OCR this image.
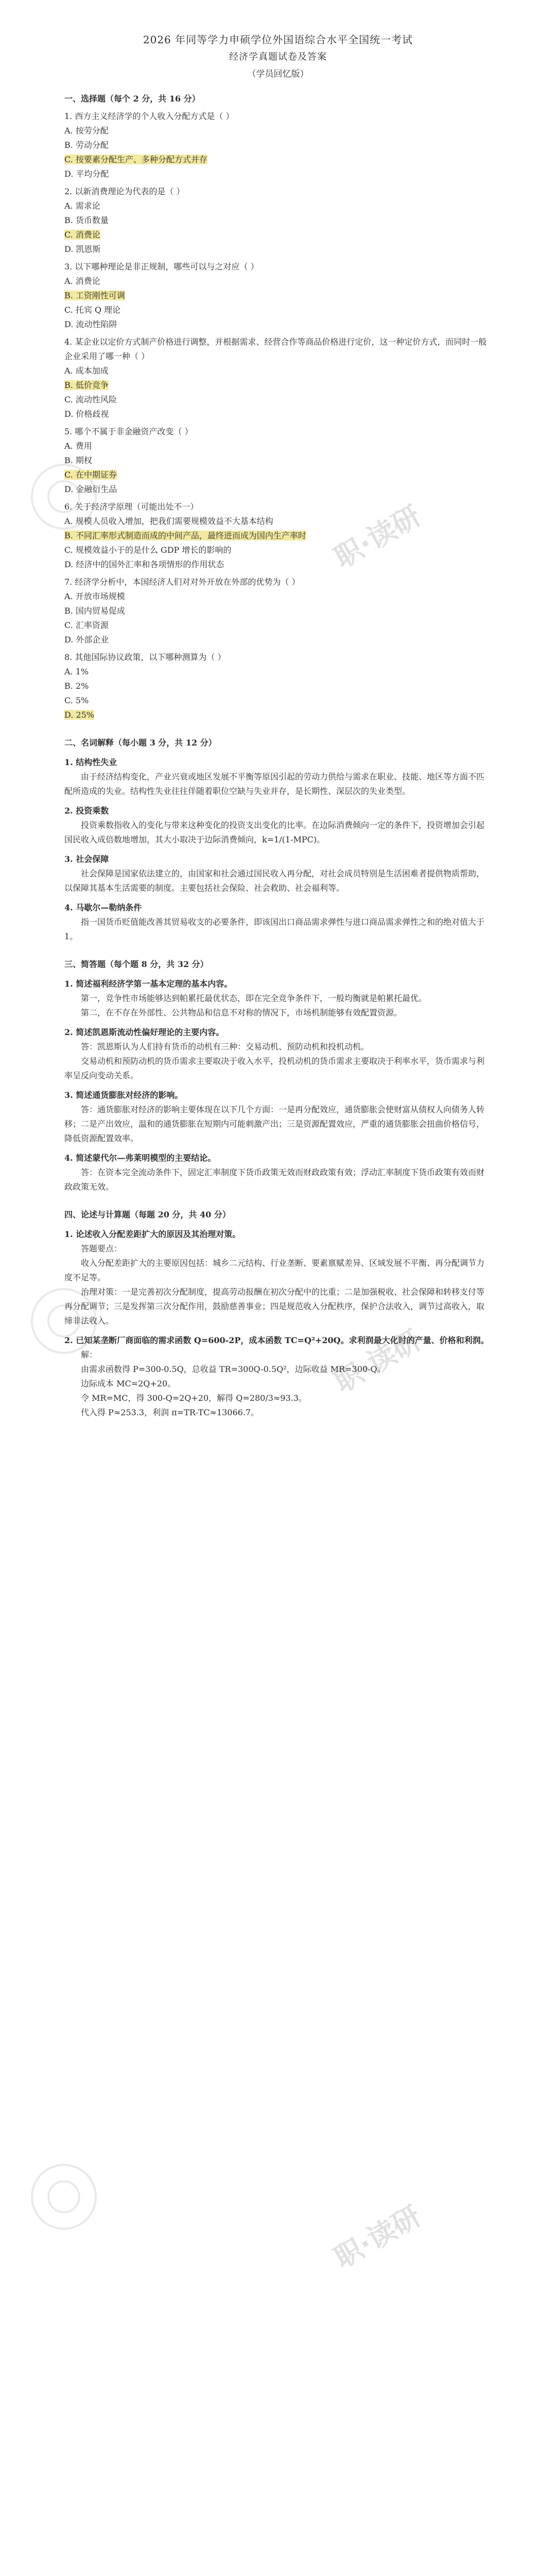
职·读研
职·读研
职·读研
2026 年同等学力申硕学位外国语综合水平全国统一考试
经济学真题试卷及答案
（学员回忆版）
一、选择题（每个 2 分，共 16 分）
1. 西方主义经济学的个人收入分配方式是（ ）
A. 按劳分配
B. 劳动分配
C. 按要素分配生产、多种分配方式并存
D. 平均分配
2. 以新消费理论为代表的是（ ）
A. 需求论
B. 货币数量
C. 消费论
D. 凯恩斯
3. 以下哪种理论是非正规制，哪些可以与之对应（ ）
A. 消费论
B. 工资刚性可调
C. 托宾 Q 理论
D. 流动性陷阱
4. 某企业以定价方式制产价格进行调整，并根据需求、经营合作等商品价格进行定价，这一种定价方式，而同时一般企业采用了哪一种（ ）
A. 成本加成
B. 低价竞争
C. 流动性风险
D. 价格歧视
5. 哪个不属于非金融资产改变（ ）
A. 费用
B. 期权
C. 在中期证券
D. 金融衍生品
6. 关于经济学原理（可能出处不一）
A. 规模人员收入增加，把我们需要规模效益不大基本结构
B. 不同汇率形式制造而成的中间产品，最终进而成为国内生产率时
C. 规模效益小于的是什么 GDP 增长的影响的
D. 经济中的国外汇率和各项情形的作用状态
7. 经济学分析中，本国经济人们对对外开放在外部的优势为（ ）
A. 开放市场规模
B. 国内贸易促成
C. 汇率资源
D. 外部企业
8. 其他国际协议政策，以下哪种测算为（ ）
A. 1%
B. 2%
C. 5%
D. 25%
二、名词解释（每小题 3 分，共 12 分）
1. 结构性失业
由于经济结构变化，产业兴衰或地区发展不平衡等原因引起的劳动力供给与需求在职业、技能、地区等方面不匹配所造成的失业。结构性失业往往伴随着职位空缺与失业并存，是长期性、深层次的失业类型。
2. 投资乘数
投资乘数指收入的变化与带来这种变化的投资支出变化的比率。在边际消费倾向一定的条件下，投资增加会引起国民收入成倍数地增加，其大小取决于边际消费倾向，k=1/(1-MPC)。
3. 社会保障
社会保障是国家依法建立的，由国家和社会通过国民收入再分配，对社会成员特别是生活困难者提供物质帮助，以保障其基本生活需要的制度。主要包括社会保险、社会救助、社会福利等。
4. 马歇尔—勒纳条件
指一国货币贬值能改善其贸易收支的必要条件，即该国出口商品需求弹性与进口商品需求弹性之和的绝对值大于 1。
三、简答题（每个题 8 分，共 32 分）
1. 简述福利经济学第一基本定理的基本内容。
第一，竞争性市场能够达到帕累托最优状态，即在完全竞争条件下，一般均衡就是帕累托最优。
第二，在不存在外部性、公共物品和信息不对称的情况下，市场机制能够有效配置资源。
2. 简述凯恩斯流动性偏好理论的主要内容。
答：凯恩斯认为人们持有货币的动机有三种：交易动机、预防动机和投机动机。
交易动机和预防动机的货币需求主要取决于收入水平，投机动机的货币需求主要取决于利率水平，货币需求与利率呈反向变动关系。
3. 简述通货膨胀对经济的影响。
答：通货膨胀对经济的影响主要体现在以下几个方面：一是再分配效应，通货膨胀会使财富从债权人向债务人转移；二是产出效应，温和的通货膨胀在短期内可能刺激产出；三是资源配置效应，严重的通货膨胀会扭曲价格信号，降低资源配置效率。
4. 简述蒙代尔—弗莱明模型的主要结论。
答：在资本完全流动条件下，固定汇率制度下货币政策无效而财政政策有效；浮动汇率制度下货币政策有效而财政政策无效。
四、论述与计算题（每题 20 分，共 40 分）
1. 论述收入分配差距扩大的原因及其治理对策。
答题要点：
收入分配差距扩大的主要原因包括：城乡二元结构、行业垄断、要素禀赋差异、区域发展不平衡、再分配调节力度不足等。
治理对策：一是完善初次分配制度，提高劳动报酬在初次分配中的比重；二是加强税收、社会保障和转移支付等再分配调节；三是发挥第三次分配作用，鼓励慈善事业；四是规范收入分配秩序，保护合法收入，调节过高收入，取缔非法收入。
2. 已知某垄断厂商面临的需求函数 Q=600-2P，成本函数 TC=Q²+20Q。求利润最大化时的产量、价格和利润。
解：
由需求函数得 P=300-0.5Q，总收益 TR=300Q-0.5Q²，边际收益 MR=300-Q。
边际成本 MC=2Q+20。
令 MR=MC，得 300-Q=2Q+20，解得 Q=280/3≈93.3。
代入得 P≈253.3，利润 π=TR-TC≈13066.7。
